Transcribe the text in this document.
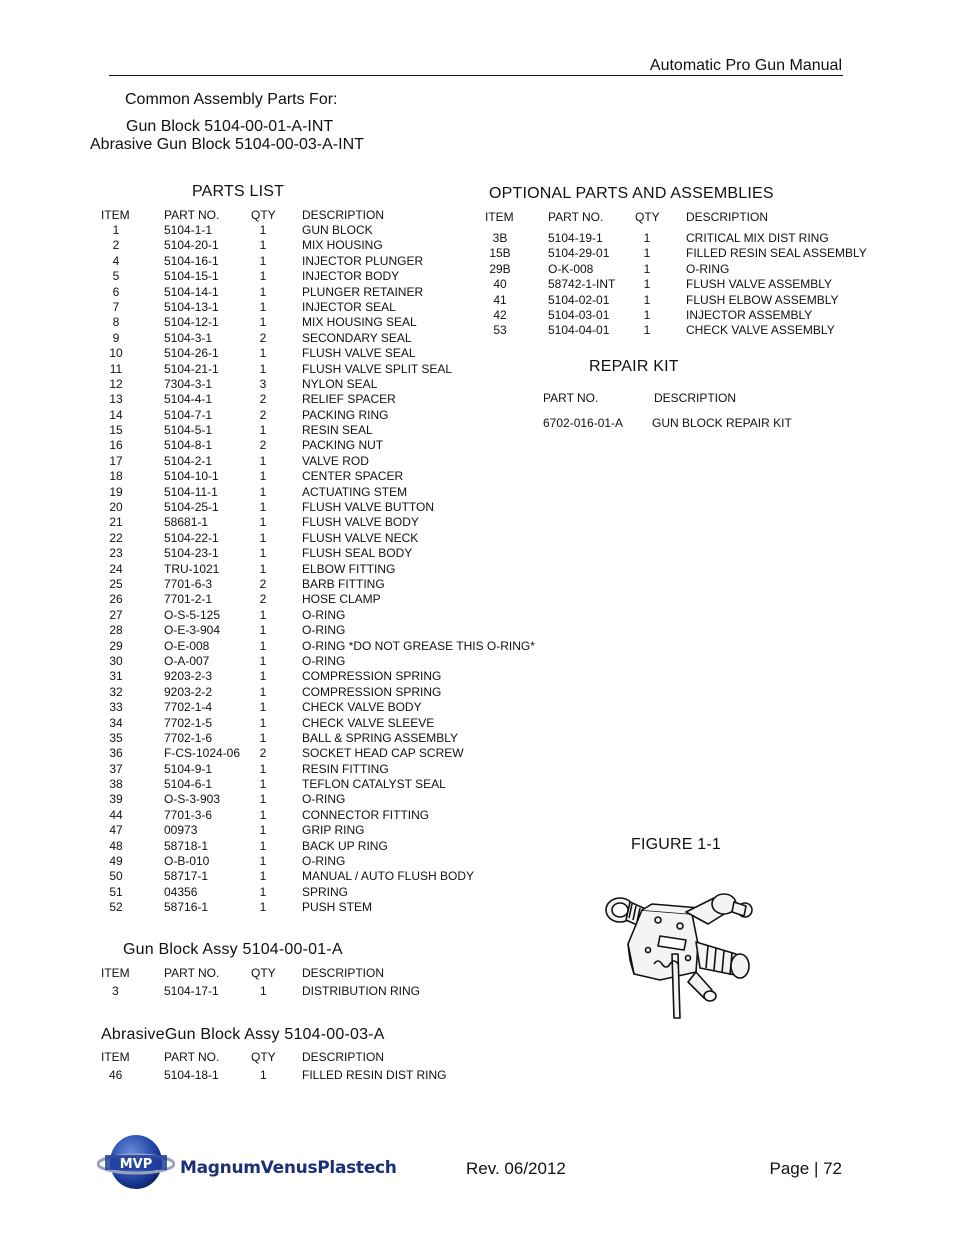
Automatic Pro Gun Manual
Common Assembly Parts For:
Gun Block 5104-00-01-A-INT
Abrasive Gun Block 5104-00-03-A-INT
PARTS LIST
ITEM	PART NO.	QTY DESCRIPTION
1	5104-1-1	1	GUN BLOCK
2	5104-20-1	1	MIX HOUSING
4	5104-16-1	1	INJECTOR PLUNGER
5	5104-15-1	1	INJECTOR BODY
6	5104-14-1	1	PLUNGER RETAINER
7	5104-13-1	1	INJECTOR SEAL
8	5104-12-1	1	MIX HOUSING SEAL
9	5104-3-1	2	SECONDARY SEAL
10	5104-26-1	1	FLUSH VALVE SEAL
11	5104-21-1	1	FLUSH VALVE SPLIT SEAL
12	7304-3-1	3	NYLON SEAL
13	5104-4-1	2	RELIEF SPACER
14	5104-7-1	2	PACKING RING
15	5104-5-1	1	RESIN SEAL
16	5104-8-1	2	PACKING NUT
17	5104-2-1	1	VALVE ROD
18	5104-10-1	1	CENTER SPACER
19	5104-11-1	1	ACTUATING STEM
20	5104-25-1	1	FLUSH VALVE BUTTON
21	58681-1	1	FLUSH VALVE BODY
22	5104-22-1	1	FLUSH VALVE NECK
23	5104-23-1	1	FLUSH SEAL BODY
24	TRU-1021	1	ELBOW FITTING
25	7701-6-3	2	BARB FITTING
26	7701-2-1	2	HOSE CLAMP
27	O-S-5-125	1	O-RING
28	O-E-3-904	1	O-RING
29	O-E-008	1	O-RING *DO NOT GREASE THIS O-RING*
30	O-A-007	1	O-RING
31	9203-2-3	1	COMPRESSION SPRING
32	9203-2-2	1	COMPRESSION SPRING
33	7702-1-4	1	CHECK VALVE BODY
34	7702-1-5	1	CHECK VALVE SLEEVE
35	7702-1-6	1	BALL & SPRING ASSEMBLY
36	F-CS-1024-06	2	SOCKET HEAD CAP SCREW
37	5104-9-1	1	RESIN FITTING
38	5104-6-1	1	TEFLON CATALYST SEAL
39	O-S-3-903	1	O-RING
44	7701-3-6	1	CONNECTOR FITTING
47	00973	1	GRIP RING
48	58718-1	1	BACK UP RING
49	O-B-010	1	O-RING
50	58717-1	1	MANUAL / AUTO FLUSH BODY
51	04356	1	SPRING
52	58716-1	1	PUSH STEM
OPTIONAL PARTS AND ASSEMBLIES
ITEM	PART NO.	QTY DESCRIPTION
3B	5104-19-1	1	CRITICAL MIX DIST RING
15B	5104-29-01	1	FILLED RESIN SEAL ASSEMBLY
29B	O-K-008	1	O-RING
40	58742-1-INT	1	FLUSH VALVE ASSEMBLY
41	5104-02-01	1	FLUSH ELBOW ASSEMBLY
42	5104-03-01	1	INJECTOR ASSEMBLY
53	5104-04-01	1	CHECK VALVE ASSEMBLY
REPAIR KIT
PART NO.	DESCRIPTION
6702-016-01-A GUN BLOCK REPAIR KIT
FIGURE 1-1
Gun Block Assy 5104-00-01-A
ITEM	PART NO.	QTY DESCRIPTION
3	5104-17-1	1	DISTRIBUTION RING
AbrasiveGun Block Assy 5104-00-03-A
ITEM	PART NO.	QTY DESCRIPTION
46	5104-18-1	1	FILLED RESIN DIST RING
MVP MagnumVenusPlastech	Rev. 06/2012	Page | 72
